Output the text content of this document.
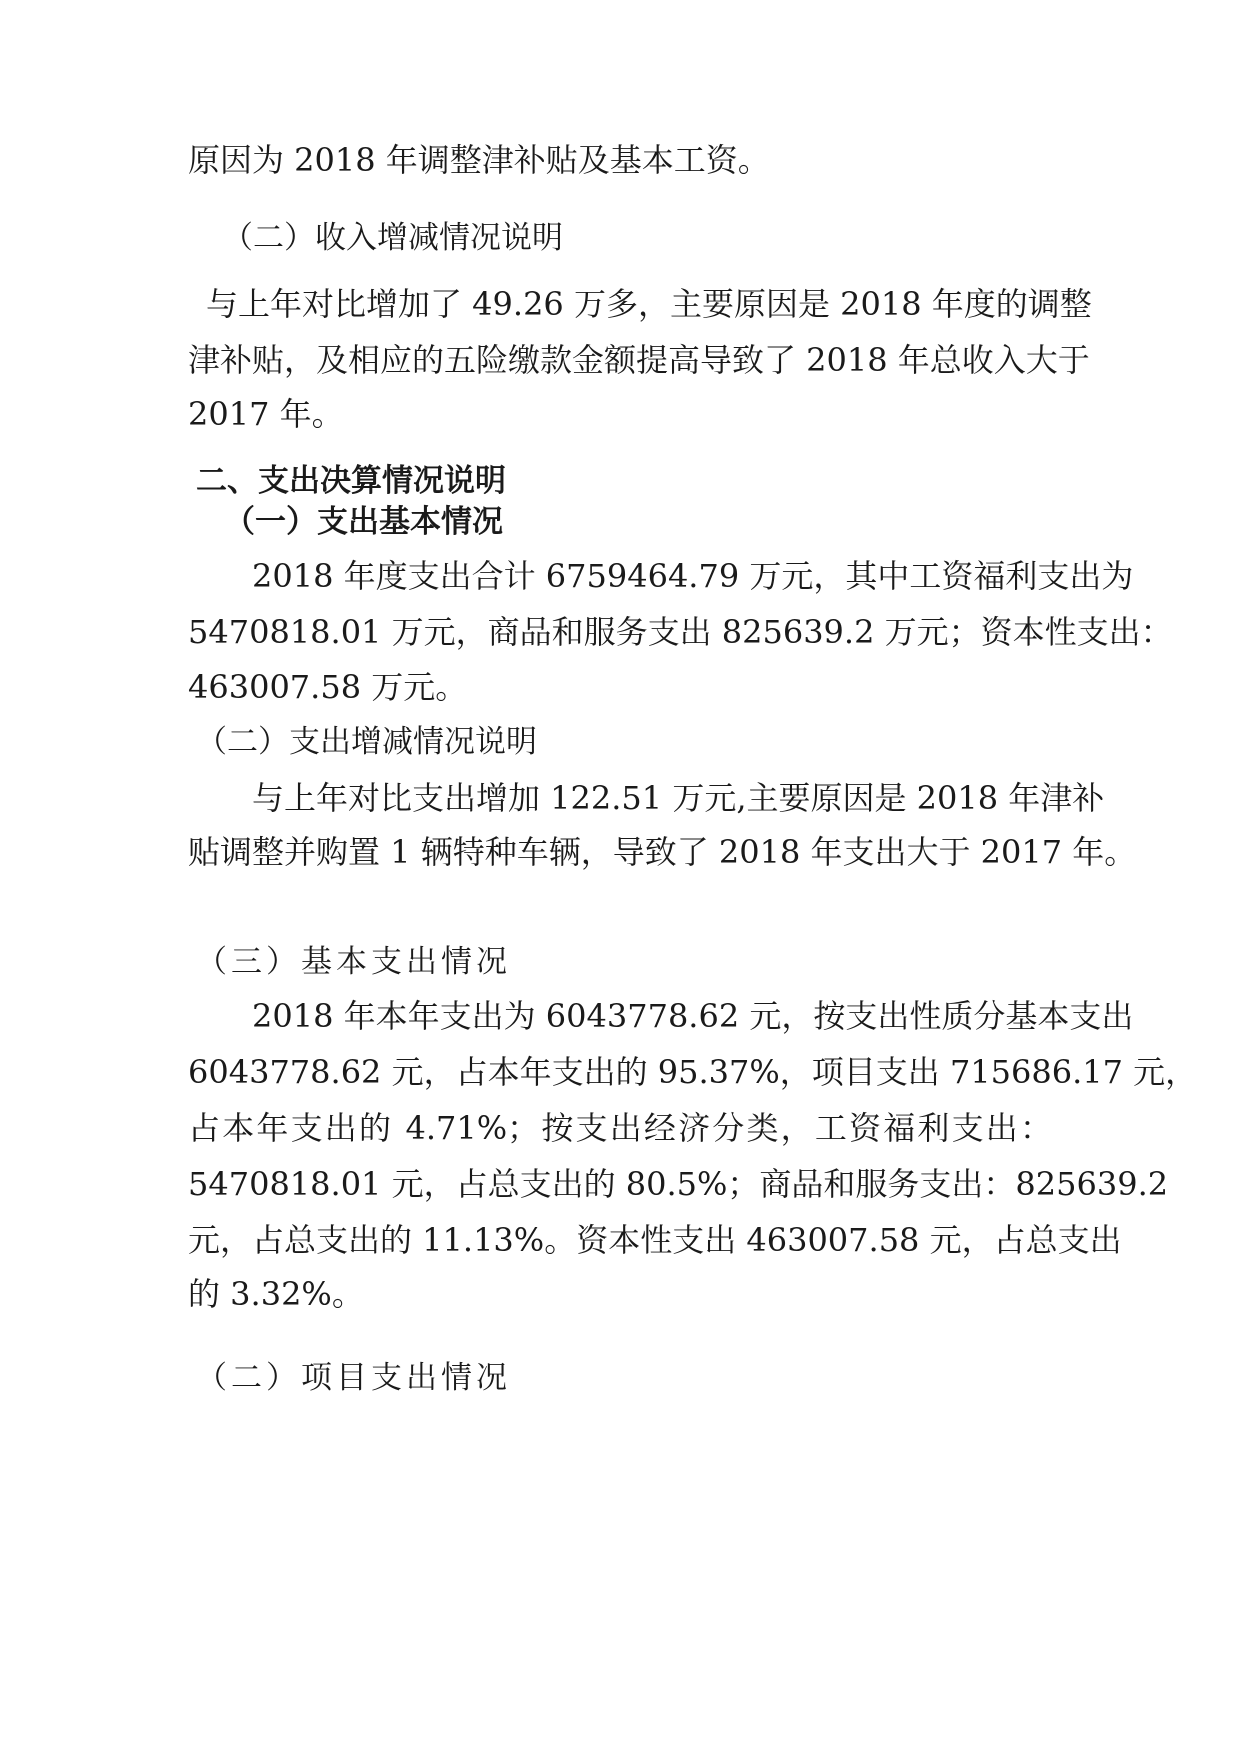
原因为 2018 年调整津补贴及基本工资。
（二）收入增减情况说明
与上年对比增加了 49.26 万多，主要原因是 2018 年度的调整
津补贴，及相应的五险缴款金额提高导致了 2018 年总收入大于
2017 年。
二、支出决算情况说明
（一）支出基本情况
2018 年度支出合计 6759464.79 万元，其中工资福利支出为
5470818.01 万元，商品和服务支出 825639.2 万元；资本性支出：
463007.58 万元。
（二）支出增减情况说明
与上年对比支出增加 122.51 万元,主要原因是 2018 年津补
贴调整并购置 1 辆特种车辆，导致了 2018 年支出大于 2017 年。
（三）基本支出情况
2018 年本年支出为 6043778.62 元，按支出性质分基本支出
6043778.62 元，占本年支出的 95.37%，项目支出 715686.17 元，
占本年支出的 4.71%；按支出经济分类，工资福利支出：
5470818.01 元，占总支出的 80.5%；商品和服务支出：825639.2
元，占总支出的 11.13%。资本性支出 463007.58 元，占总支出
的 3.32%。
（二）项目支出情况
